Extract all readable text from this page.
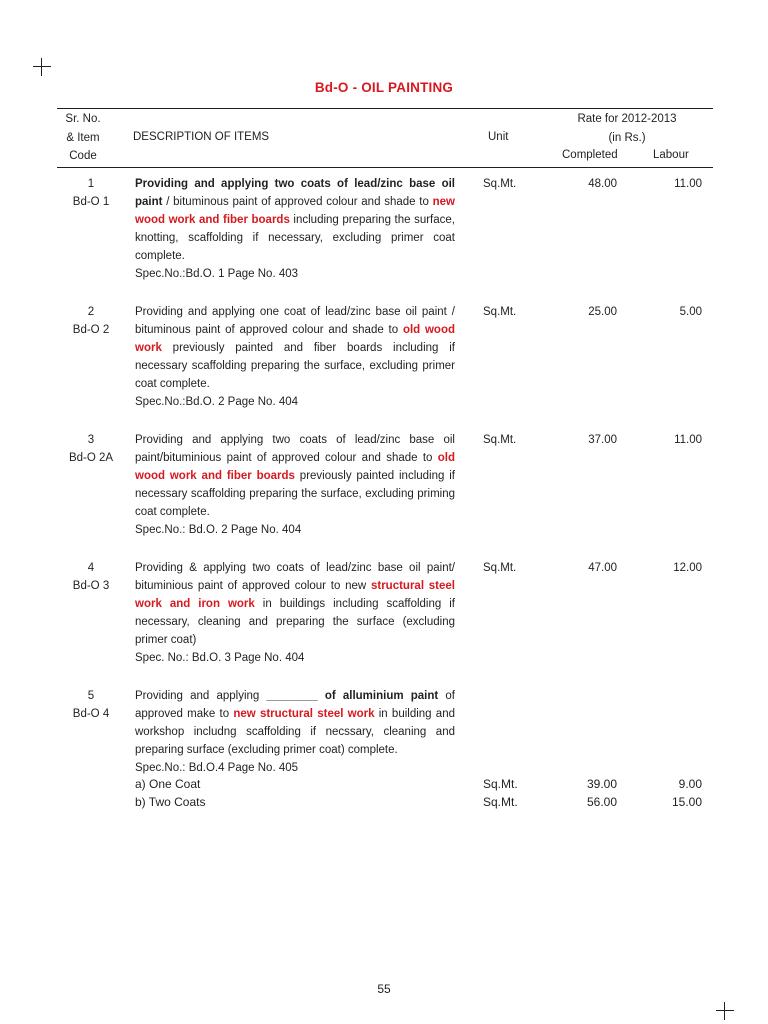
Bd-O - OIL PAINTING
Sr. No.
& Item
Code
DESCRIPTION OF ITEMS	Unit
Rate for 2012-2013
(in Rs.)
Completed	Labour
1
Bd-O 1
Providing and applying two coats of lead/zinc base oil paint / bituminous paint of approved colour and shade to new wood work and fiber boards including preparing the surface, knotting, scaffolding if necessary, excluding primer coat complete.
Spec.No.:Bd.O. 1 Page No. 403
Sq.Mt.	48.00	11.00
2
Bd-O 2
Providing and applying one coat of lead/zinc base oil paint / bituminous paint of approved colour and shade to old wood work previously painted and fiber boards including if necessary scaffolding preparing the surface, excluding primer coat complete.
Spec.No.:Bd.O. 2 Page No. 404
Sq.Mt.	25.00	5.00
3
Bd-O 2A
Providing and applying two coats of lead/zinc base oil paint/bituminious paint of approved colour and shade to old wood work and fiber boards previously painted including if necessary scaffolding preparing the surface, excluding priming coat complete.
Spec.No.: Bd.O. 2 Page No. 404
Sq.Mt.	37.00	11.00
4
Bd-O 3
Providing & applying two coats of lead/zinc base oil paint/ bituminious paint of approved colour to new structural steel work and iron work in buildings including scaffolding if necessary, cleaning and preparing the surface (excluding primer coat)
Spec. No.: Bd.O. 3 Page No. 404
Sq.Mt.	47.00	12.00
5
Bd-O 4
Providing and applying ________ of alluminium paint of approved make to new structural steel work in building and workshop includng scaffolding if necssary, cleaning and preparing surface (excluding primer coat) complete.
Spec.No.: Bd.O.4 Page No. 405
a) One Coat	Sq.Mt.	39.00	9.00
b) Two Coats	Sq.Mt.	56.00	15.00
55
